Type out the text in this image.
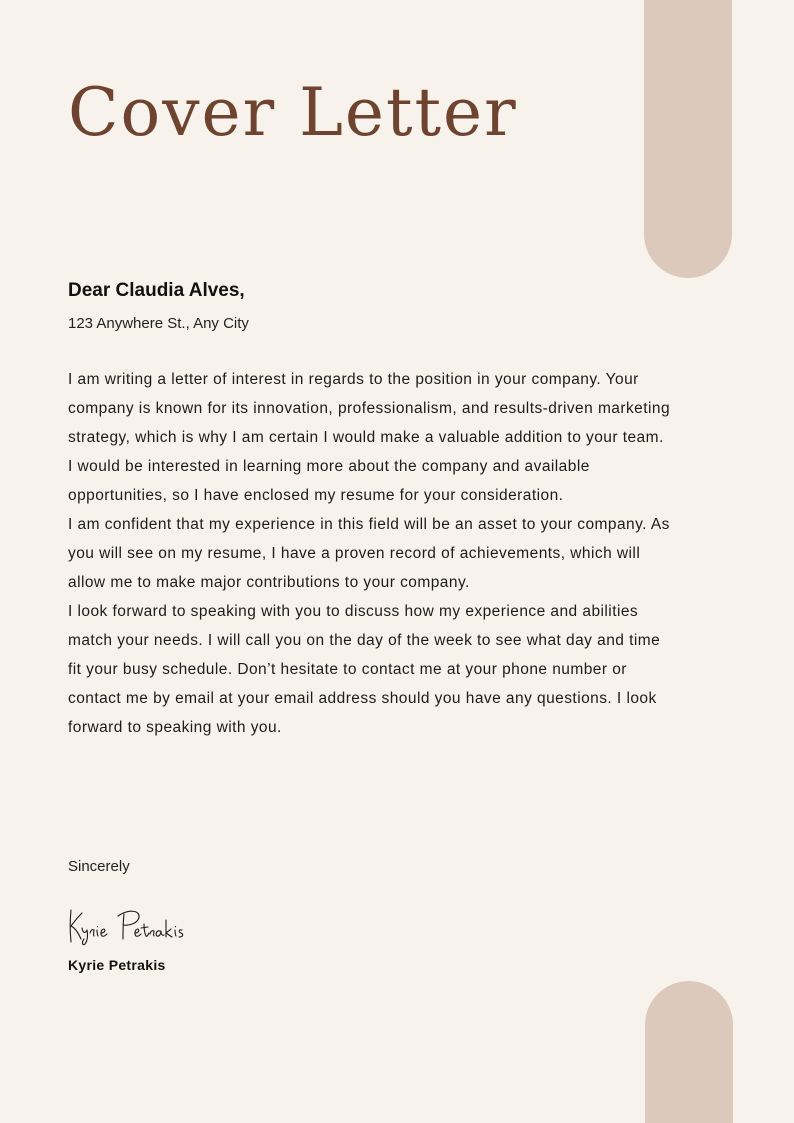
Cover Letter

Dear Claudia Alves,

123 Anywhere St., Any City

I am writing a letter of interest in regards to the position in your company. Your
company is known for its innovation, professionalism, and results-driven marketing
strategy, which is why I am certain I would make a valuable addition to your team.
I would be interested in learning more about the company and available
opportunities, so I have enclosed my resume for your consideration.
I am confident that my experience in this field will be an asset to your company. As
you will see on my resume, I have a proven record of achievements, which will
allow me to make major contributions to your company.
I look forward to speaking with you to discuss how my experience and abilities
match your needs. I will call you on the day of the week to see what day and time
fit your busy schedule. Don’t hesitate to contact me at your phone number or
contact me by email at your email address should you have any questions. I look
forward to speaking with you.

Sincerely

Kyrie Petrakis
